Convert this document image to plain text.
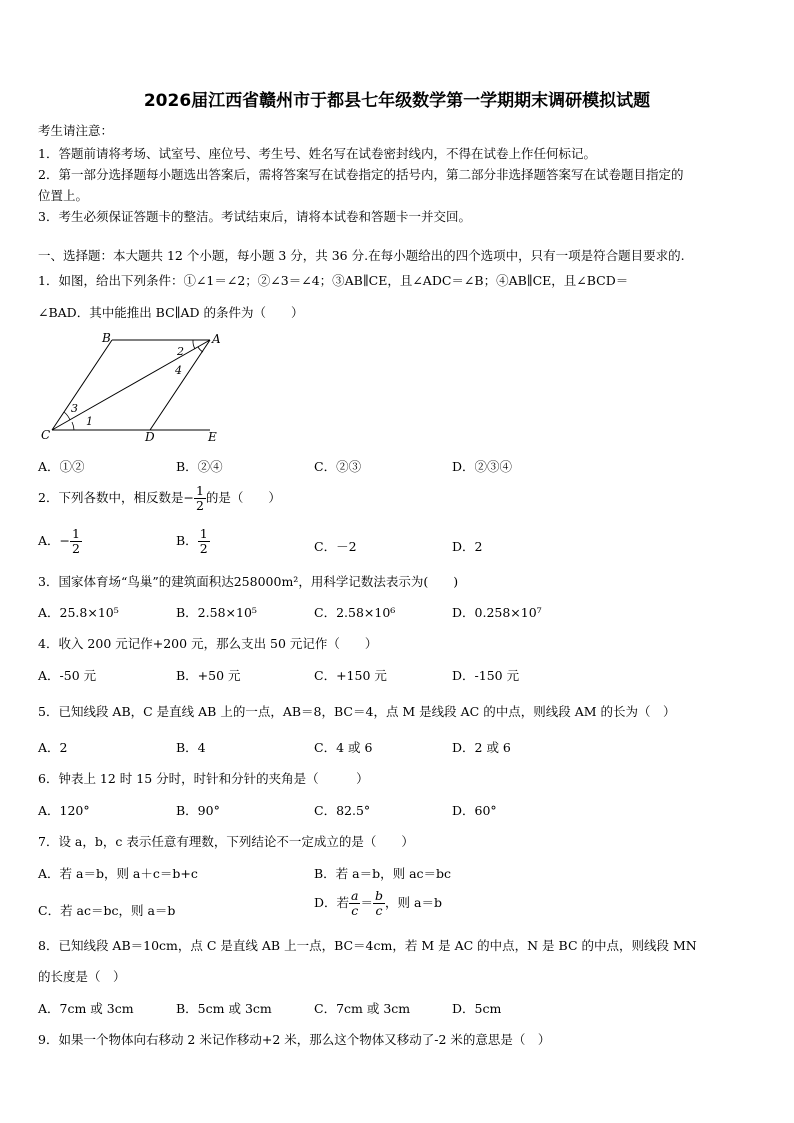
2026届江西省赣州市于都县七年级数学第一学期期末调研模拟试题
考生请注意：
1．答题前请将考场、试室号、座位号、考生号、姓名写在试卷密封线内，不得在试卷上作任何标记。
2．第一部分选择题每小题选出答案后，需将答案写在试卷指定的括号内，第二部分非选择题答案写在试卷题目指定的
位置上。
3．考生必须保证答题卡的整洁。考试结束后，请将本试卷和答题卡一并交回。
一、选择题：本大题共 12 个小题，每小题 3 分，共 36 分.在每小题给出的四个选项中，只有一项是符合题目要求的.
1．如图，给出下列条件：①∠1＝∠2；②∠3＝∠4；③AB∥CE，且∠ADC＝∠B；④AB∥CE，且∠BCD＝
∠BAD．其中能推出 BC∥AD 的条件为（　　）
B	A
2
4
3
1
C	D	E
A．①②	B．②④	C．②③	D．②③④
2．下列各数中，相反数是− $\frac{1}{2}$ 的是（　　）
A．− $\frac{1}{2}$	B． $\frac{1}{2}$	C．－2	D．2
3．国家体育场“鸟巢”的建筑面积达258000m²，用科学记数法表示为(　　)
A．25.8×10⁵	B．2.58×10⁵	C．2.58×10⁶	D．0.258×10⁷
4．收入 200 元记作+200 元，那么支出 50 元记作（　　）
A．-50 元	B．+50 元	C．+150 元	D．-150 元
5．已知线段 AB，C 是直线 AB 上的一点，AB＝8，BC＝4，点 M 是线段 AC 的中点，则线段 AM 的长为（　）
A．2	B．4	C．4 或 6	D．2 或 6
6．钟表上 12 时 15 分时，时针和分针的夹角是（　　　）
A．120°	B．90°	C．82.5°	D．60°
7．设 a，b，c 表示任意有理数，下列结论不一定成立的是（　　）
A．若 a＝b，则 a＋c＝b+c	B．若 a＝b，则 ac＝bc
C．若 ac＝bc，则 a＝b
D．若 $\frac{a}{c} = \frac{b}{c}$ ，则 a＝b
8．已知线段 AB＝10cm，点 C 是直线 AB 上一点，BC＝4cm，若 M 是 AC 的中点，N 是 BC 的中点，则线段 MN
的长度是（　）
A．7cm 或 3cm	B．5cm 或 3cm	C．7cm 或 3cm	D．5cm
9．如果一个物体向右移动 2 米记作移动+2 米，那么这个物体又移动了-2 米的意思是（　）
